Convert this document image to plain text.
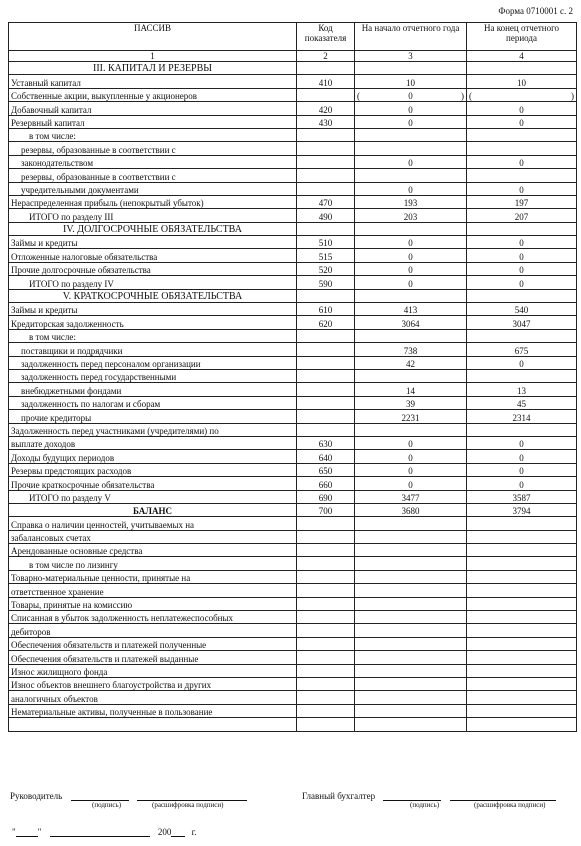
Форма 0710001 с. 2
ПАССИВ	Код показателя	На начало отчетного года	На конец отчетного периода
1	2	3	4
III. КАПИТАЛ И РЕЗЕРВЫ			
Уставный капитал	410	10	10
Собственные акции, выкупленные у акционеров		( 0 )	( )

Добавочный капитал	420	0	0
Резервный капитал	430	0	0
в том числе:			
резервы, образованные в соответствии с			
законодательством		0	0
резервы, образованные в соответствии с			
учредительными документами		0	0
Нераспределенная прибыль (непокрытый убыток)	470	193	197
ИТОГО по разделу III	490	203	207
IV. ДОЛГОСРОЧНЫЕ ОБЯЗАТЕЛЬСТВА			
Займы и кредиты	510	0	0
Отложенные налоговые обязательства	515	0	0
Прочие долгосрочные обязательства	520	0	0
ИТОГО по разделу IV	590	0	0
V. КРАТКОСРОЧНЫЕ ОБЯЗАТЕЛЬСТВА			
Займы и кредиты	610	413	540
Кредиторская задолженность	620	3064	3047
в том числе:			
поставщики и подрядчики		738	675
задолженность перед персоналом организации		42	0
задолженность перед государственными			
внебюджетными фондами		14	13
задолженность по налогам и сборам		39	45
прочие кредиторы		2231	2314
Задолженность перед участниками (учредителями) по			
выплате доходов	630	0	0
Доходы будущих периодов	640	0	0
Резервы предстоящих расходов	650	0	0
Прочие краткосрочные обязательства	660	0	0
ИТОГО по разделу V	690	3477	3587
БАЛАНС	700	3680	3794
Справка о наличии ценностей, учитываемых на			
забалансовых счетах			
Арендованные основные средства			
в том числе по лизингу			
Товарно-материальные ценности, принятые на			
ответственное хранение			
Товары, принятые на комиссию			
Списанная в убыток задолженность неплатежеспособных			
дебиторов			
Обеспечения обязательств и платежей полученные			
Обеспечения обязательств и платежей выданные			
Износ жилищного фонда			
Износ объектов внешнего благоустройства и других			
аналогичных объектов			
Нематериальные активы, полученные в пользование			

Руководитель
(подпись)	(расшифровка подписи)
Главный бухгалтер
(подпись)	(расшифровка подписи)
" "	200 г.
